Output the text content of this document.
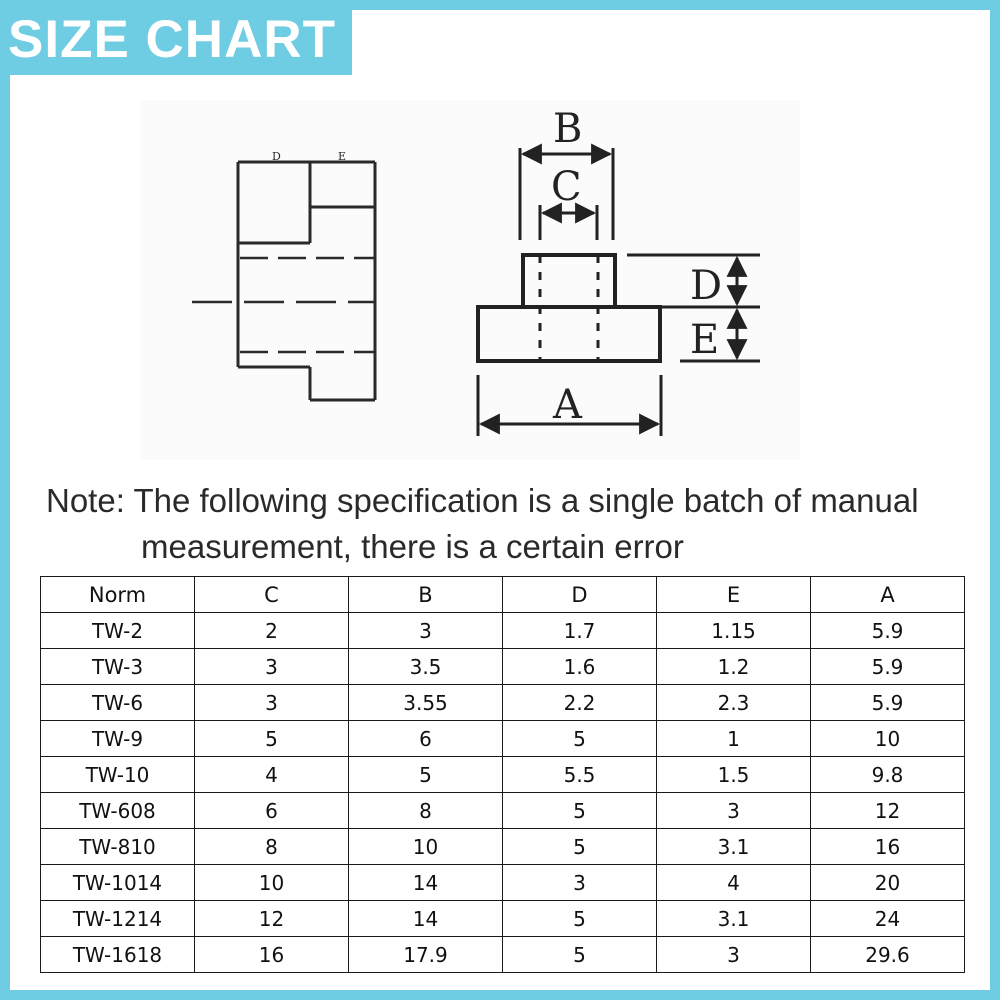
SIZE CHART
D	E
B
C
D
E
A
Note: The following specification is a single batch of manual
measurement, there is a certain error
Norm	C	B	D	E	A
TW-2	2	3	1.7	1.15	5.9
TW-3	3	3.5	1.6	1.2	5.9
TW-6	3	3.55	2.2	2.3	5.9
TW-9	5	6	5	1	10
TW-10	4	5	5.5	1.5	9.8
TW-608	6	8	5	3	12
TW-810	8	10	5	3.1	16
TW-1014	10	14	3	4	20
TW-1214	12	14	5	3.1	24
TW-1618	16	17.9	5	3	29.6
